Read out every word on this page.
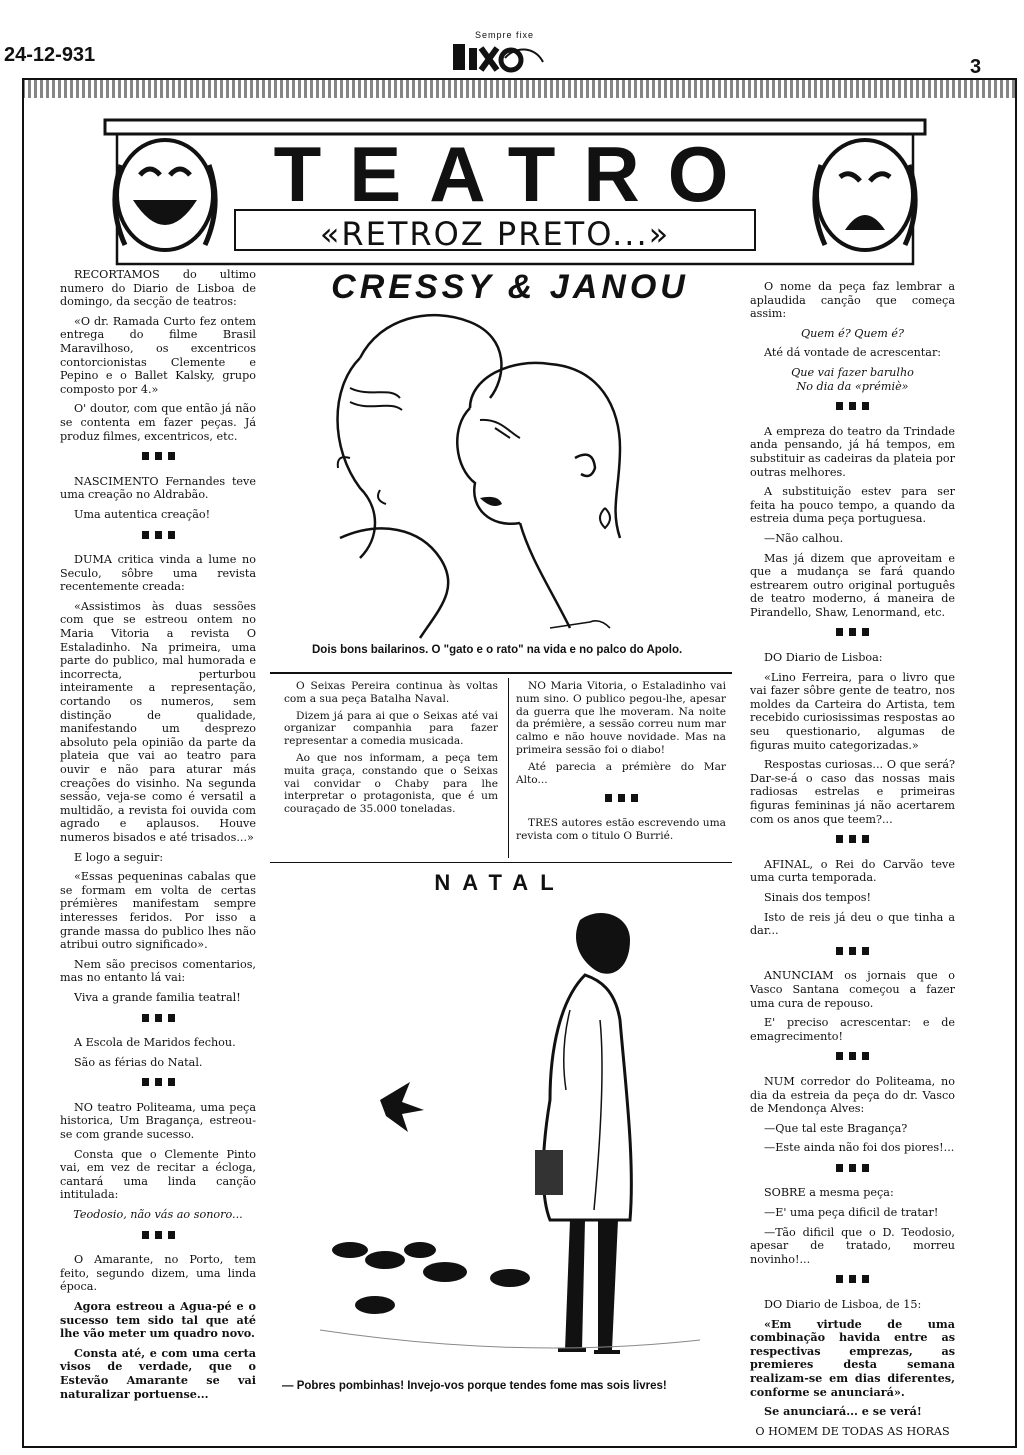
24-12-931
Sempre fixe
3
TEATRO
«RETROZ PRETO...»
CRESSY & JANOU
Dois bons bailarinos. O "gato e o rato" na vida e no palco do Apolo.

RECORTAMOS do ultimo numero do Diario de Lisboa de domingo, da secção de teatros:

«O dr. Ramada Curto fez ontem entrega do filme Brasil Maravilhoso, os excentricos contorcionistas Clemente e Pepino e o Ballet Kalsky, grupo composto por 4.»

O' doutor, com que então já não se contenta em fazer peças. Já produz filmes, excentricos, etc.

NASCIMENTO Fernandes teve uma creação no Aldrabão.

Uma autentica creação!

DUMA critica vinda a lume no Seculo, sôbre uma revista recentemente creada:

«Assistimos às duas sessões com que se estreou ontem no Maria Vitoria a revista O Estaladinho. Na primeira, uma parte do publico, mal humorada e incorrecta, perturbou inteiramente a representação, cortando os numeros, sem distinção de qualidade, manifestando um desprezo absoluto pela opinião da parte da plateia que vai ao teatro para ouvir e não para aturar más creações do visinho. Na segunda sessão, veja-se como é versatil a multidão, a revista foi ouvida com agrado e aplausos. Houve numeros bisados e até trisados...»

E logo a seguir:

«Essas pequeninas cabalas que se formam em volta de certas prémières manifestam sempre interesses feridos. Por isso a grande massa do publico lhes não atribui outro significado».

Nem são precisos comentarios, mas no entanto lá vai:

Viva a grande familia teatral!

A Escola de Maridos fechou.

São as férias do Natal.

NO teatro Politeama, uma peça historica, Um Bragança, estreou-se com grande sucesso.

Consta que o Clemente Pinto vai, em vez de recitar a écloga, cantará uma linda canção intitulada:

Teodosio, não vás ao sonoro...

O Amarante, no Porto, tem feito, segundo dizem, uma linda época.

Agora estreou a Agua-pé e o sucesso tem sido tal que até lhe vão meter um quadro novo.

Consta até, e com uma certa visos de verdade, que o Estevão Amarante se vai naturalizar portuense...

O Seixas Pereira continua às voltas com a sua peça Batalha Naval.

Dizem já para ai que o Seixas até vai organizar companhia para fazer representar a comedia musicada.

Ao que nos informam, a peça tem muita graça, constando que o Seixas vai convidar o Chaby para lhe interpretar o protagonista, que é um couraçado de 35.000 toneladas.

NO Maria Vitoria, o Estaladinho vai num sino. O publico pegou-lhe, apesar da guerra que lhe moveram. Na noite da prémière, a sessão correu num mar calmo e não houve novidade. Mas na primeira sessão foi o diabo!

Até parecia a prémière do Mar Alto...

TRES autores estão escrevendo uma revista com o titulo O Burrié.

NATAL
— Pobres pombinhas! Invejo-vos porque tendes fome mas sois livres!

O nome da peça faz lembrar a aplaudida canção que começa assim:

Quem é? Quem é?

Até dá vontade de acrescentar:

Que vai fazer barulho

No dia da «prémiè»

A empreza do teatro da Trindade anda pensando, já há tempos, em substituir as cadeiras da plateia por outras melhores.

A substituição estev para ser feita ha pouco tempo, a quando da estreia duma peça portuguesa.

—Não calhou.

Mas já dizem que aproveitam e que a mudança se fará quando estrearem outro original português de teatro moderno, á maneira de Pirandello, Shaw, Lenormand, etc.

DO Diario de Lisboa:

«Lino Ferreira, para o livro que vai fazer sôbre gente de teatro, nos moldes da Carteira do Artista, tem recebido curiosissimas respostas ao seu questionario, algumas de figuras muito categorizadas.»

Respostas curiosas... O que será? Dar-se-á o caso das nossas mais radiosas estrelas e primeiras figuras femininas já não acertarem com os anos que teem?...

AFINAL, o Rei do Carvão teve uma curta temporada.

Sinais dos tempos!

Isto de reis já deu o que tinha a dar...

ANUNCIAM os jornais que o Vasco Santana começou a fazer uma cura de repouso.

E' preciso acrescentar: e de emagrecimento!

NUM corredor do Politeama, no dia da estreia da peça do dr. Vasco de Mendonça Alves:

—Que tal este Bragança?

—Este ainda não foi dos piores!...

SOBRE a mesma peça:

—E' uma peça dificil de tratar!

—Tão dificil que o D. Teodosio, apesar de tratado, morreu novinho!...

DO Diario de Lisboa, de 15:

«Em virtude de uma combinação havida entre as respectivas emprezas, as premieres desta semana realizam-se em dias diferentes, conforme se anunciará».

Se anunciará... e se verá!

O HOMEM DE TODAS AS HORAS
